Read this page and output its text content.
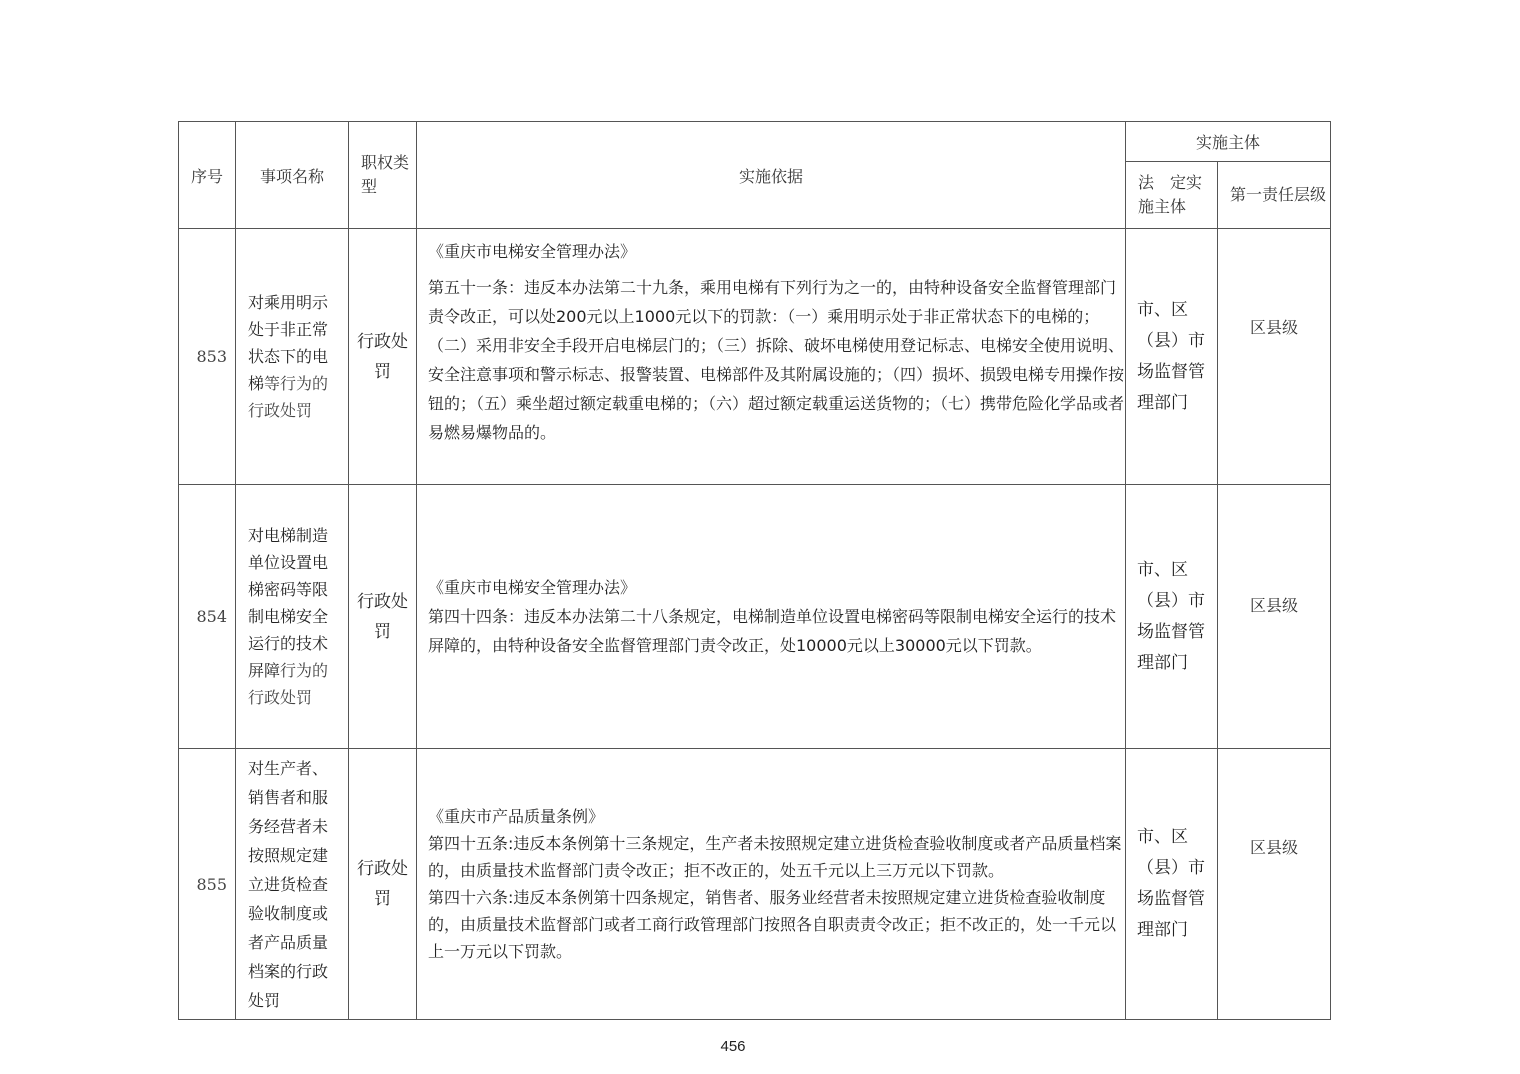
序号	事项名称	职权类型	实施依据	实施主体	
				法　定实施主体	第一责任层级
853	对乘用明示处于非正常状态下的电梯等行为的行政处罚	行政处罚	《重庆市电梯安全管理办法》

第五十一条：违反本办法第二十九条，乘用电梯有下列行为之一的，由特种设备安全监督管理部门责令改正，可以处200元以上1000元以下的罚款：（一）乘用明示处于非正常状态下的电梯的；（二）采用非安全手段开启电梯层门的；（三）拆除、破坏电梯使用登记标志、电梯安全使用说明、安全注意事项和警示标志、报警装置、电梯部件及其附属设施的；（四）损坏、损毁电梯专用操作按钮的；（五）乘坐超过额定载重电梯的；（六）超过额定载重运送货物的；（七）携带危险化学品或者易燃易爆物品的。	市、区（县）市场监督管理部门	区县级
854	对电梯制造单位设置电梯密码等限制电梯安全运行的技术屏障行为的行政处罚	行政处罚	《重庆市电梯安全管理办法》

第四十四条：违反本办法第二十八条规定，电梯制造单位设置电梯密码等限制电梯安全运行的技术屏障的，由特种设备安全监督管理部门责令改正，处10000元以上30000元以下罚款。	市、区（县）市场监督管理部门	区县级
855	对生产者、销售者和服务经营者未按照规定建立进货检查验收制度或者产品质量档案的行政处罚	行政处罚	《重庆市产品质量条例》

第四十五条:违反本条例第十三条规定，生产者未按照规定建立进货检查验收制度或者产品质量档案的，由质量技术监督部门责令改正；拒不改正的，处五千元以上三万元以下罚款。

第四十六条:违反本条例第十四条规定，销售者、服务业经营者未按照规定建立进货检查验收制度的，由质量技术监督部门或者工商行政管理部门按照各自职责责令改正；拒不改正的，处一千元以上一万元以下罚款。	市、区（县）市场监督管理部门	区县级
456
